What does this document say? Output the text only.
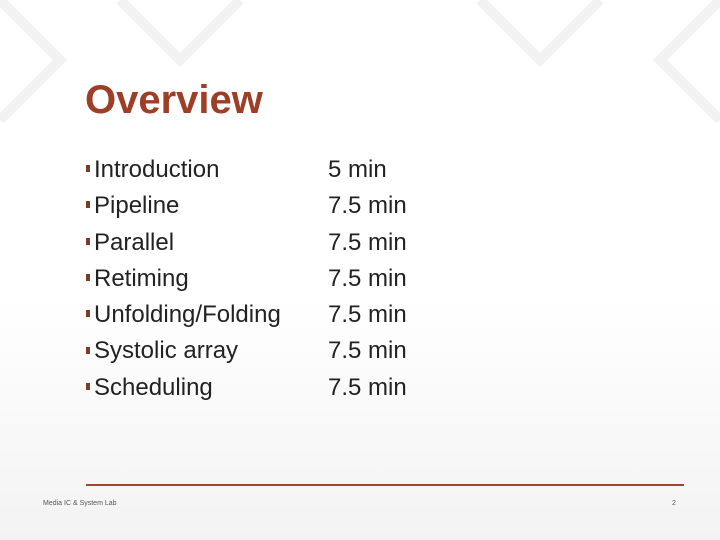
Overview
Introduction	5 min
Pipeline	7.5 min
Parallel	7.5 min
Retiming	7.5 min
Unfolding/Folding 7.5 min
Systolic array	7.5 min
Scheduling	7.5 min
Media IC & System Lab	2
